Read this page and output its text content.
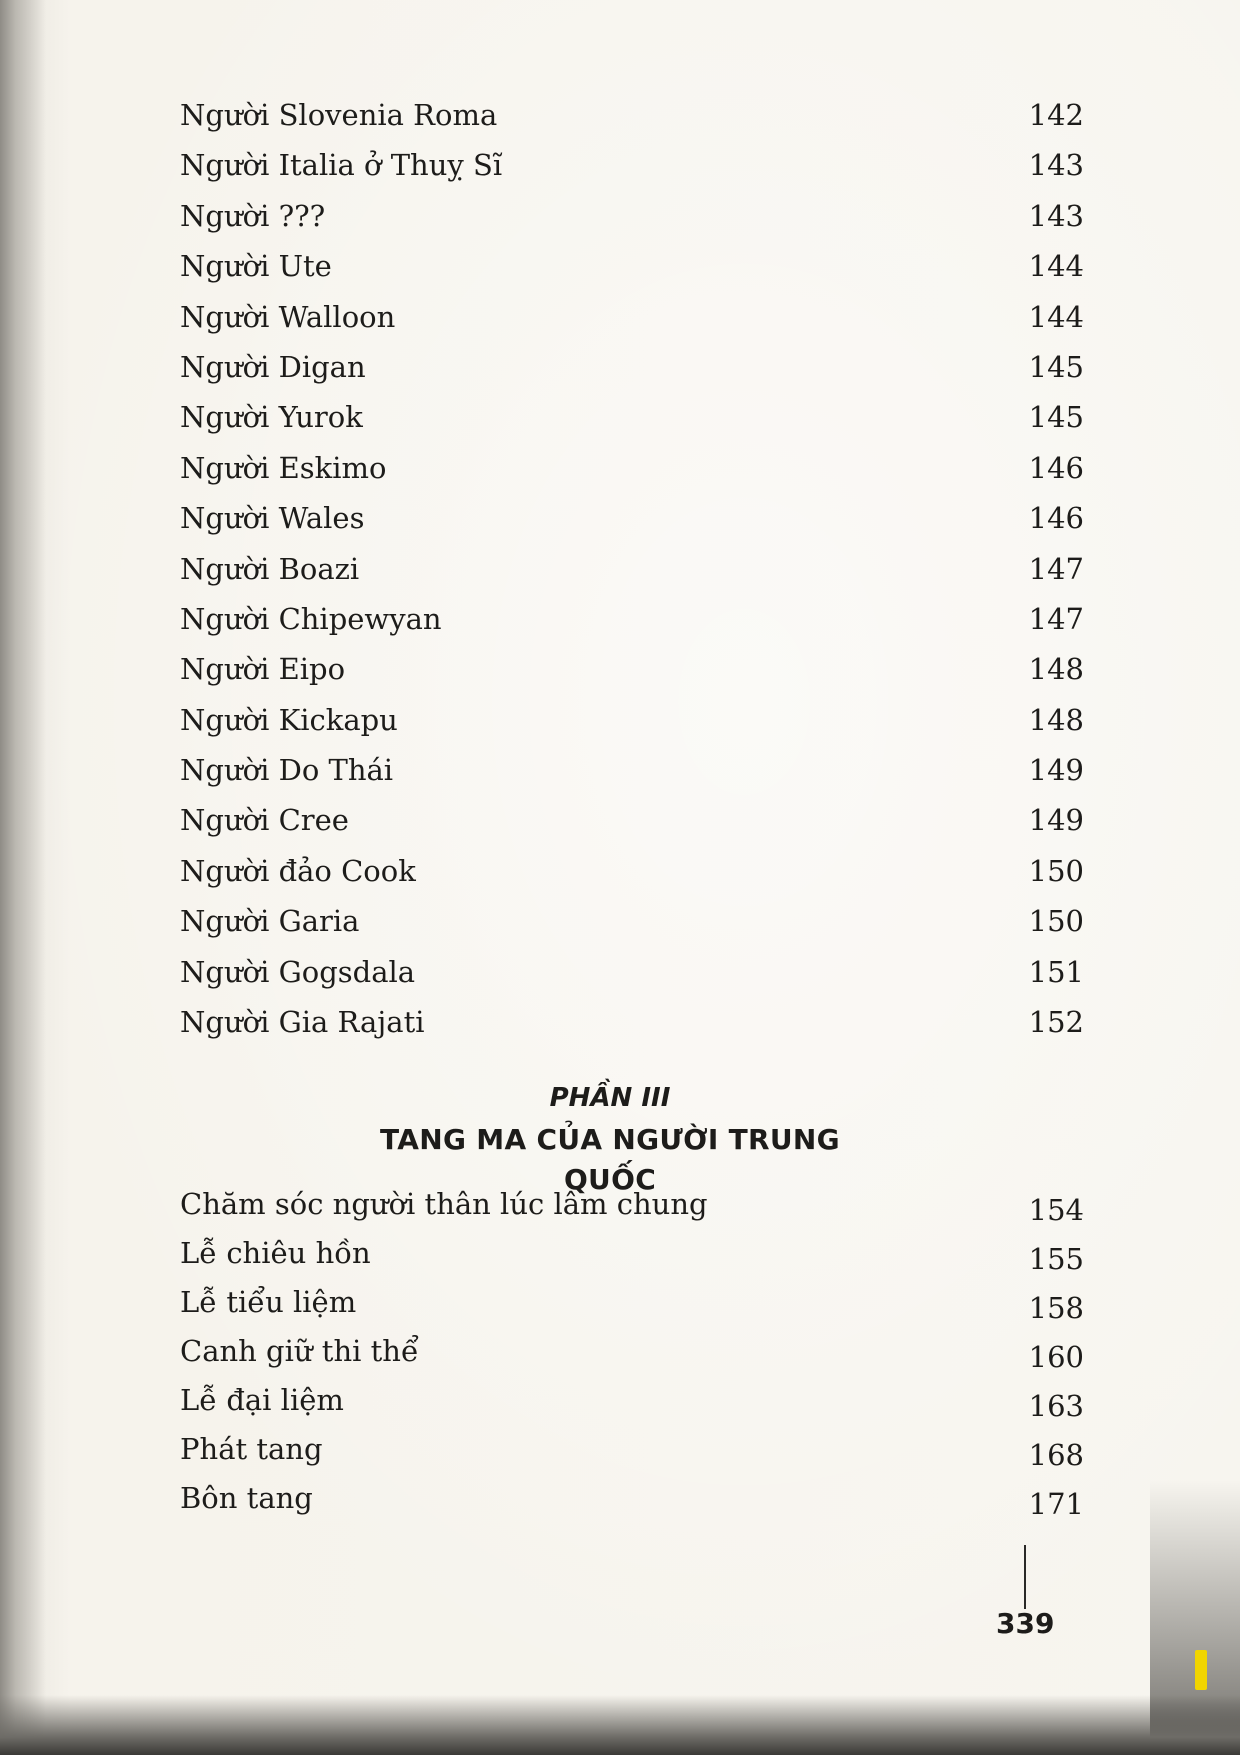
Người Slovenia Roma	142
Người Italia ở Thuỵ Sĩ	143
Người ???	143
Người Ute	144
Người Walloon	144
Người Digan	145
Người Yurok	145
Người Eskimo	146
Người Wales	146
Người Boazi	147
Người Chipewyan	147
Người Eipo	148
Người Kickapu	148
Người Do Thái	149
Người Cree	149
Người đảo Cook	150
Người Garia	150
Người Gogsdala	151
Người Gia Rajati	152
PHẦN III
TANG MA CỦA NGƯỜI TRUNG QUỐC
Chăm sóc người thân lúc lâm chung	154
Lễ chiêu hồn	155
Lễ tiểu liệm	158
Canh giữ thi thể	160
Lễ đại liệm	163
Phát tang	168
Bôn tang	171
339
